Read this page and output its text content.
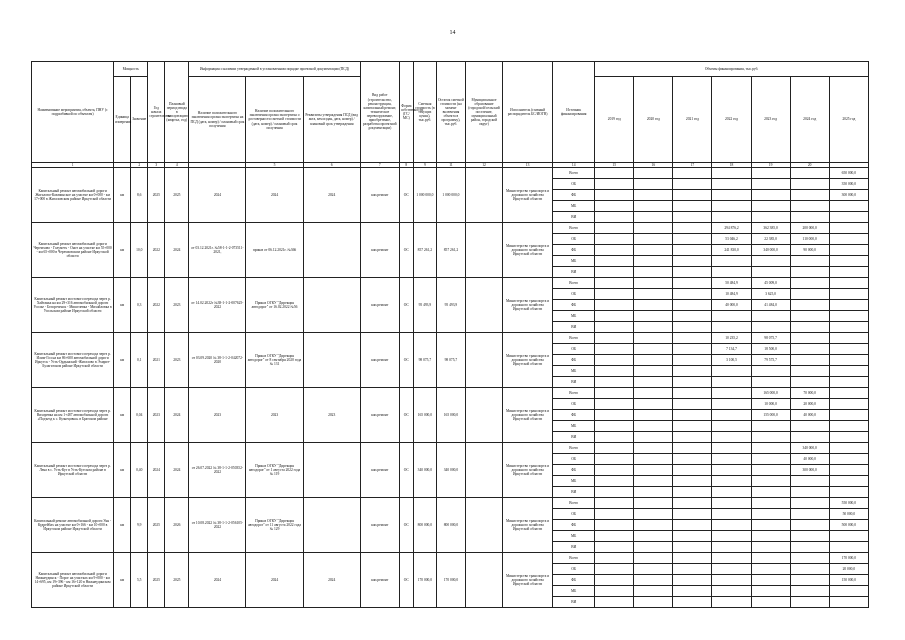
14
Наименование мероприятия, объекта, ПНУ (с подразбивкой по объектам)	Мощность		Год начала строительства	Плановый период ввода в эксплуатацию (квартал, год)	Информация о наличии утвержденной в установленном порядке проектной документации (ПСД)			Вид работ (строительство, реконструкция, капитальный ремонт, техническое перевооружение, приобретение, разработка проектной документации)	Форма собственности (ГС/МС)	Сметная стоимость (в текущих ценах), тыс.руб.	Остаток сметной стоимости (на момент включения объекта в программу), тыс.руб.	Муниципальное образование (городской/сельский поселение, муниципальный район, городской округ)	Исполнитель (главный распорядитель БС/ИОГВ)	Источник финансирования	Объемы финансирования, тыс.руб.						
	Единица измерения	Значение			Наличие положительного заключения органа экспертизы на ПСД (дата, номер) / плановый срок получения	Наличие положительного заключения органа экспертизы о достоверности сметной стоимости (дата, номер) / плановый срок получения	Реквизиты утверждения ПСД (вид акта, кем издан, дата, номер) / плановый срок утверждения								2019 год	2020 год	2021 год	2022 год	2023 год	2024 год	2025 год
1		2	3	4		5	6	7	8	9	11	12	13	14	15	16	17	18	19	20	
Капитальный ремонт автомобильной дороги Жигалово-Казачинское на участке км 0+000 - км 17+000 в Жигаловском районе Иркутской области	км	8,6	2025	2025	2024	2024	2024	кап.ремонт	ОС	1 000 000,0	1 000 000,0		Министерство транспорта и дорожного хозяйства Иркутской области	Всего							650 000,0
														ОБ							350 000,0
														ФБ							300 000,0
														МБ							
														ВИ							
Капитальный ремонт автомобильной дороги Черемхово - Голуметь - Онот на участке км 55+000 - км 65+000 в Черемховском районе Иркутской области	км	10,0	2022	2024	от 03.12.2021г. №58-1-1-2-073511-2021,	приказ от 06.12.2021г. №366		кап.ремонт	ОС	857 261,2	857 261,2		Министерство транспорта и дорожного хозяйства Иркутской области	Всего				294 876,2	362 385,0	200 000,0	
														ОБ				53 046,2	22 385,0	110 000,0	
														ФБ				241 830,0	340 000,0	90 000,0	
														МБ							
														ВИ							
Капитальный ремонт мостового перехода через р. Хайтанка на км 29+316 автомобильной дороги Усолье - Белореченск - Мишелевка - Михайловка в Усольском районе Иркутской области	км	0,3	2022	2023	от 14.02.2022г №38-1-1-2-007625-2022	Приказ ОГКУ "Дирекция автодорог" от 16.02.2022 №56		кап.ремонт	ОС	95 493,9	95 493,9		Министерство транспорта и дорожного хозяйства Иркутской области	Всего				50 484,9	45 009,0		
														ОБ				10 484,9	3 625,0		
														ФБ				40 000,0	41 484,0		
														МБ							
														ВИ							
Капитальный ремонт мостового перехода через р. Илим-Гол на км 86+600 автомобильной дороги Иркутск - Усть-Ордынский -Жигалово в Эхирит-Булагатском районе Иркутской области	км	0,1	2021	2023	от 03.09.2020 № 38-1-1-2-042072-2020	Приказ ОГКУ "Дирекция автодорог" от 8 сентября 2020 года № 131		кап.ремонт	ОС	98 075,7	98 075,7		Министерство транспорта и дорожного хозяйства Иркутской области	Всего				10 235,2	98 075,7		
														ОБ				7 134,7	18 500,0		
														ФБ				3 100,5	79 575,7		
														МБ							
														ВИ							
Капитальный ремонт мостового перехода через р. Вихоревка на км 1+487 автомобильной дороги «Подъезд к с. Кузнецовка» в Братском районе	км	0,04	2023	2024	2023	2023	2023	кап.ремонт	ОС	165 000,0	165 000,0		Министерство транспорта и дорожного хозяйства Иркутской области	Всего					165 000,0	70 000,0	
														ОБ					10 000,0	20 000,0	
														ФБ					155 000,0	40 000,0	
														МБ							
														ВИ							
Капитальный ремонт мостового перехода через р. Лена в с. Усть-Кут в Усть-Кутском районе в Иркутской области	км	0,40	2024	2024	от 26.07.2022 № 38-1-1-2-050352-2022	Приказ ОГКУ "Дирекция автодорог" от 1 августа 2022 года № 119		кап.ремонт	ОС	340 000,0	340 000,0		Министерство транспорта и дорожного хозяйства Иркутской области	Всего						340 000,0	
														ОБ						40 000,0	
														ФБ						300 000,0	
														МБ							
														ВИ							
Капитальный ремонт автомобильной дороги Уян - Кудрейбах на участке км 0+166 - км 10+000 в Иркутском районе Иркутской области	км	9,9	2025	2026	от 10.08.2022 № 38-1-1-2-056105-2022	Приказ ОГКУ "Дирекция автодорог" от 11 августа 2022 года № 129		кап.ремонт	ОС	800 000,0	800 000,0		Министерство транспорта и дорожного хозяйства Иркутской области	Всего							550 000,0
														ОБ							50 000,0
														ФБ							500 000,0
														МБ							
														ВИ							
Капитальный ремонт автомобильной дороги Нижнеудинск - Порог на участках км 9+000 - км 14+695, км 19+396 - км 16+120 в Нижнеудинском районе Иркутской области	км	5,5	2025	2025	2024	2024	2024	кап.ремонт	ОС	170 000,0	170 000,0		Министерство транспорта и дорожного хозяйства Иркутской области	Всего							170 000,0
														ОБ							20 000,0
														ФБ							150 000,0
														МБ							
														ВИ							
